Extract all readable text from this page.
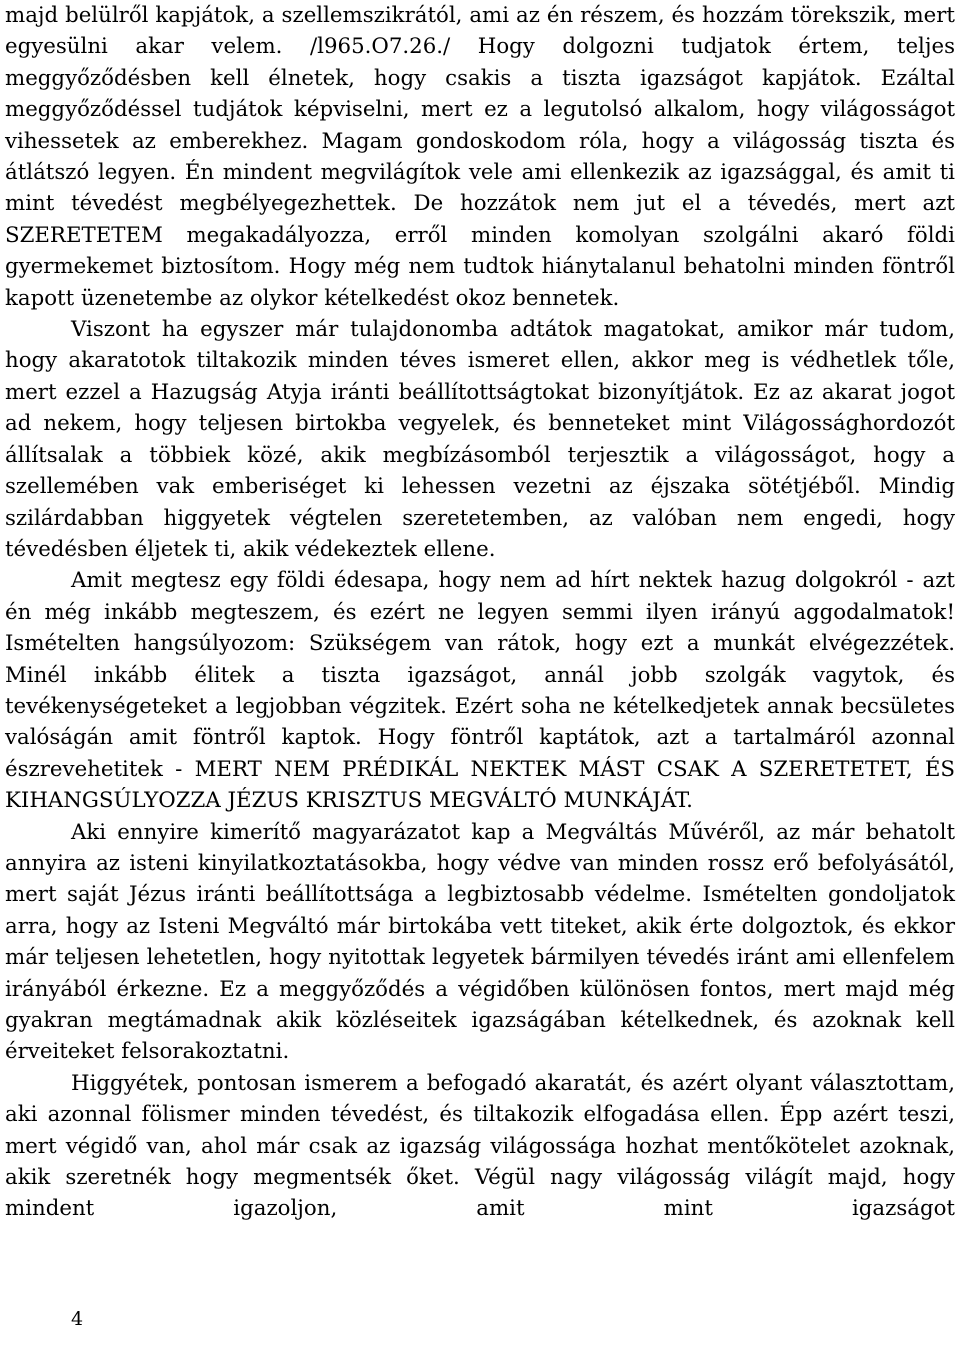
majd belülről kapjátok, a szellemszikrától, ami az én részem, és hozzám törekszik, mert egyesülni akar velem. /l965.O7.26./ Hogy dolgozni tudjatok értem, teljes meggyőződésben kell élnetek, hogy csakis a tiszta igazságot kapjátok. Ezáltal meggyőződéssel tudjátok képviselni, mert ez a legutolsó alkalom, hogy világosságot vihessetek az emberekhez. Magam gondoskodom róla, hogy a világosság tiszta és átlátszó legyen. Én mindent megvilágítok vele ami ellenkezik az igazsággal, és amit ti mint tévedést megbélyegezhettek. De hozzátok nem jut el a tévedés, mert azt SZERETETEM megakadályozza, erről minden komolyan szolgálni akaró földi gyermekemet biztosítom. Hogy még nem tudtok hiánytalanul behatolni minden föntről kapott üzenetembe az olykor kételkedést okoz bennetek.

Viszont ha egyszer már tulajdonomba adtátok magatokat, amikor már tudom, hogy akaratotok tiltakozik minden téves ismeret ellen, akkor meg is védhetlek tőle, mert ezzel a Hazugság Atyja iránti beállítottságtokat bizonyítjátok. Ez az akarat jogot ad nekem, hogy teljesen birtokba vegyelek, és benneteket mint Világossághordozót állítsalak a többiek közé, akik megbízásomból terjesztik a világosságot, hogy a szellemében vak emberiséget ki lehessen vezetni az éjszaka sötétjéből. Mindig szilárdabban higgyetek végtelen szeretetemben, az valóban nem engedi, hogy tévedésben éljetek ti, akik védekeztek ellene.

Amit megtesz egy földi édesapa, hogy nem ad hírt nektek hazug dolgokról - azt én még inkább megteszem, és ezért ne legyen semmi ilyen irányú aggodalmatok! Ismételten hangsúlyozom: Szükségem van rátok, hogy ezt a munkát elvégezzétek. Minél inkább élitek a tiszta igazságot, annál jobb szolgák vagytok, és tevékenységeteket a legjobban végzitek. Ezért soha ne kételkedjetek annak becsületes valóságán amit föntről kaptok. Hogy föntről kaptátok, azt a tartalmáról azonnal észrevehetitek - MERT NEM PRÉDIKÁL NEKTEK MÁST CSAK A SZERETETET, ÉS KIHANGSÚLYOZZA JÉZUS KRISZTUS MEGVÁLTÓ MUNKÁJÁT.

Aki ennyire kimerítő magyarázatot kap a Megváltás Művéről, az már behatolt annyira az isteni kinyilatkoztatásokba, hogy védve van minden rossz erő befolyásától, mert saját Jézus iránti beállítottsága a legbiztosabb védelme. Ismételten gondoljatok arra, hogy az Isteni Megváltó már birtokába vett titeket, akik érte dolgoztok, és ekkor már teljesen lehetetlen, hogy nyitottak legyetek bármilyen tévedés iránt ami ellenfelem irányából érkezne. Ez a meggyőződés a végidőben különösen fontos, mert majd még gyakran megtámadnak akik közléseitek igazságában kételkednek, és azoknak kell érveiteket felsorakoztatni.

Higgyétek, pontosan ismerem a befogadó akaratát, és azért olyant választottam, aki azonnal fölismer minden tévedést, és tiltakozik elfogadása ellen. Épp azért teszi, mert végidő van, ahol már csak az igazság világossága hozhat mentőkötelet azoknak, akik szeretnék hogy megmentsék őket. Végül nagy világosság világít majd, hogy mindent igazoljon, amit mint igazságot

4
